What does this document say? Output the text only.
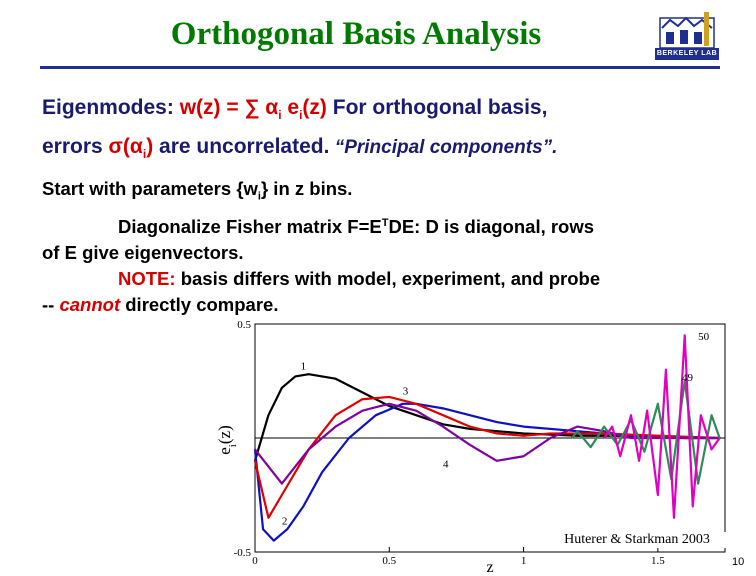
Orthogonal Basis Analysis
BERKELEY LAB
Eigenmodes: w(z) = ∑ $\alpha_i$ $e_i(z)$ For orthogonal basis,
errors $\sigma(\alpha_i)$ are uncorrelated. “Principal components”.
Start with parameters $\{w_i\}$ in z bins.
Diagonalize Fisher matrix $F=E^TDE$: D is diagonal, rows
of E give eigenvectors.
NOTE: basis differs with model, experiment, and probe
-- cannot directly compare.
1
3
4
2
49
50
0	0.5	1	1.5
0.5
-0.5
$e_i(z)$
z
Huterer & Starkman 2003
10
